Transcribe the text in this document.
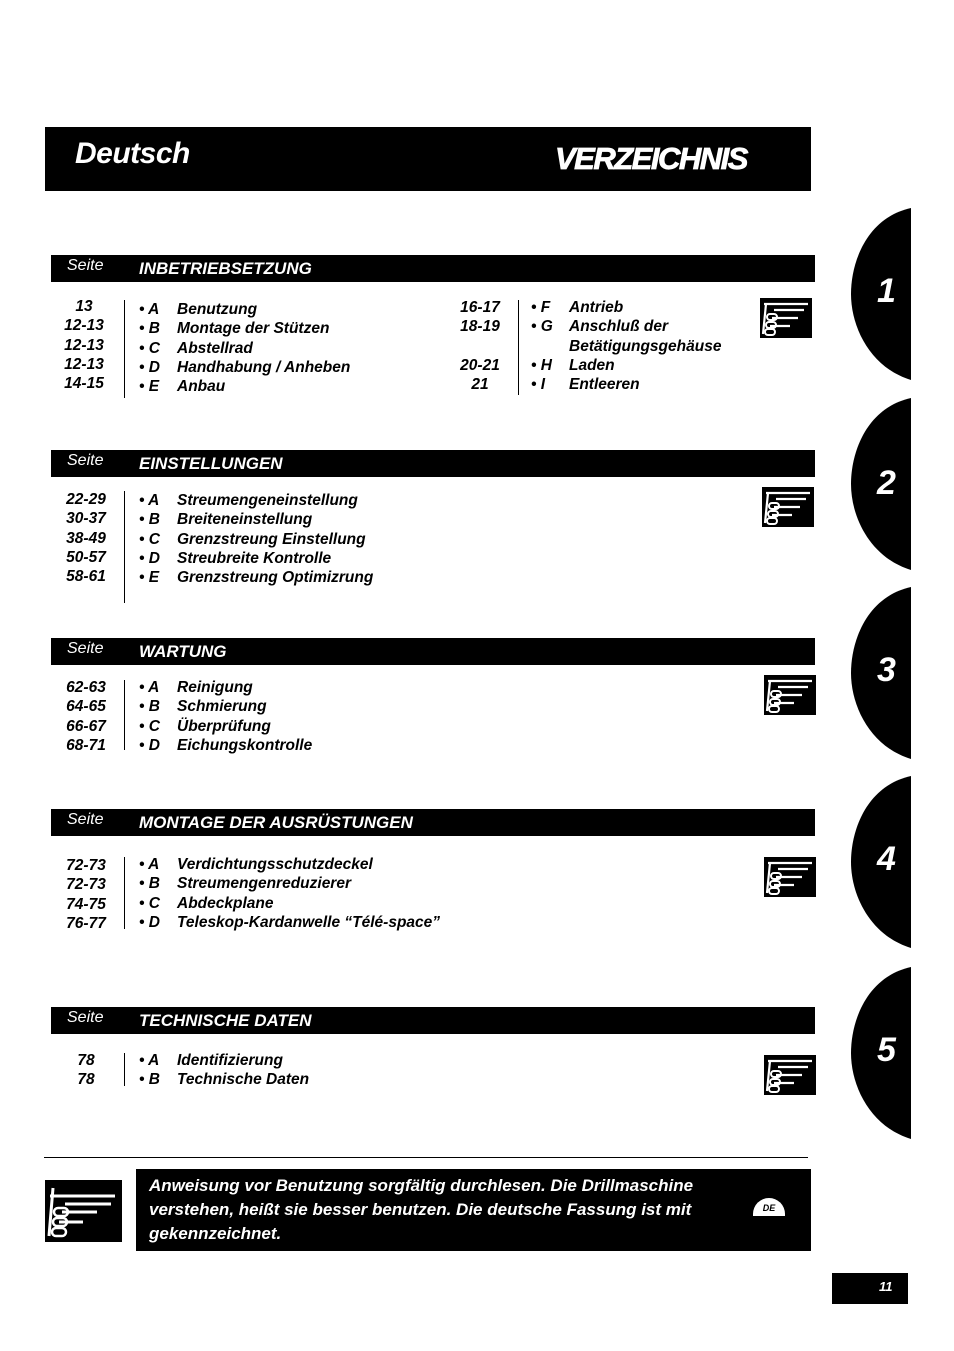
Deutsch	VERZEICHNIS
Seite INBETRIEBSETZUNG
13
12-13
12-13
12-13
14-15
• A Benutzung
• B Montage der Stützen
• C Abstellrad
• D Handhabung / Anheben
• E Anbau
16-17
18-19

20-21
21
• F Antrieb
• G Anschluß der
Betätigungsgehäuse
• H Laden
• I Entleeren
Seite EINSTELLUNGEN
22-29
30-37
38-49
50-57
58-61
• A Streumengeneinstellung
• B Breiteneinstellung
• C Grenzstreung Einstellung
• D Streubreite Kontrolle
• E Grenzstreung Optimizrung
Seite WARTUNG
62-63
64-65
66-67
68-71
• A Reinigung
• B Schmierung
• C Überprüfung
• D Eichungskontrolle
Seite MONTAGE DER AUSRÜSTUNGEN
72-73
72-73
74-75
76-77
• A Verdichtungsschutzdeckel
• B Streumengenreduzierer
• C Abdeckplane
• D Teleskop-Kardanwelle “Télé-space”
Seite TECHNISCHE DATEN
78
78
• A Identifizierung
• B Technische Daten
1
2
3
4
5

Anweisung vor Benutzung sorgfältig durchlesen. Die Drillmaschine verstehen, heißt sie besser benutzen. Die deutsche Fassung ist mit
gekennzeichnet.

DE
11
